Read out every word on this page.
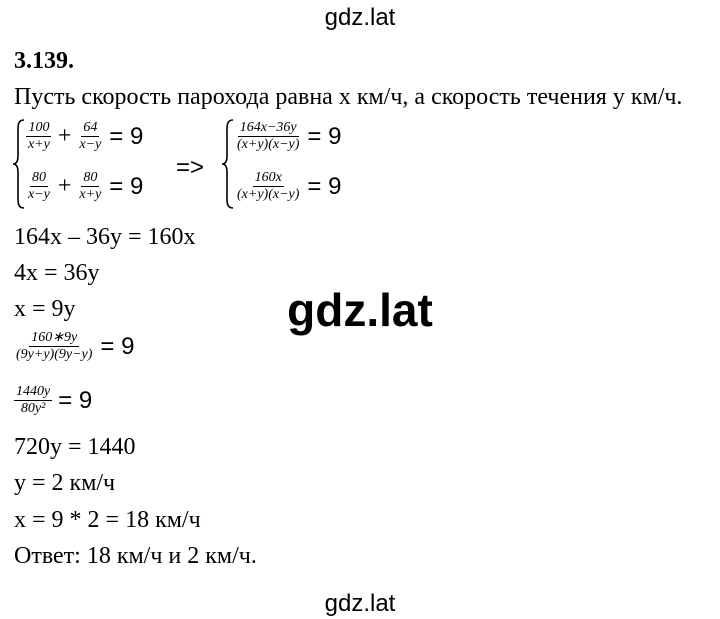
gdz.lat
3.139.
Пусть скорость парохода равна x км/ч, а скорость течения y км/ч.
$\frac{100}{x+y} + \frac{64}{x-y} = 9$
$\frac{80}{x-y} + \frac{80}{x+y} = 9$
=>
$\frac{164x-36y}{(x+y)(x-y)} = 9$
$\frac{160x}{(x+y)(x-y)} = 9$
164x – 36y = 160x
4x = 36y
x = 9y	gdz.lat
$\frac{160∗9y}{(9y+y)(9y-y)} = 9$
$\frac{1440y}{\text{80y²}} = 9$
720y = 1440
y = 2 км/ч
x = 9 * 2 = 18 км/ч
Ответ: 18 км/ч и 2 км/ч.
gdz.lat
